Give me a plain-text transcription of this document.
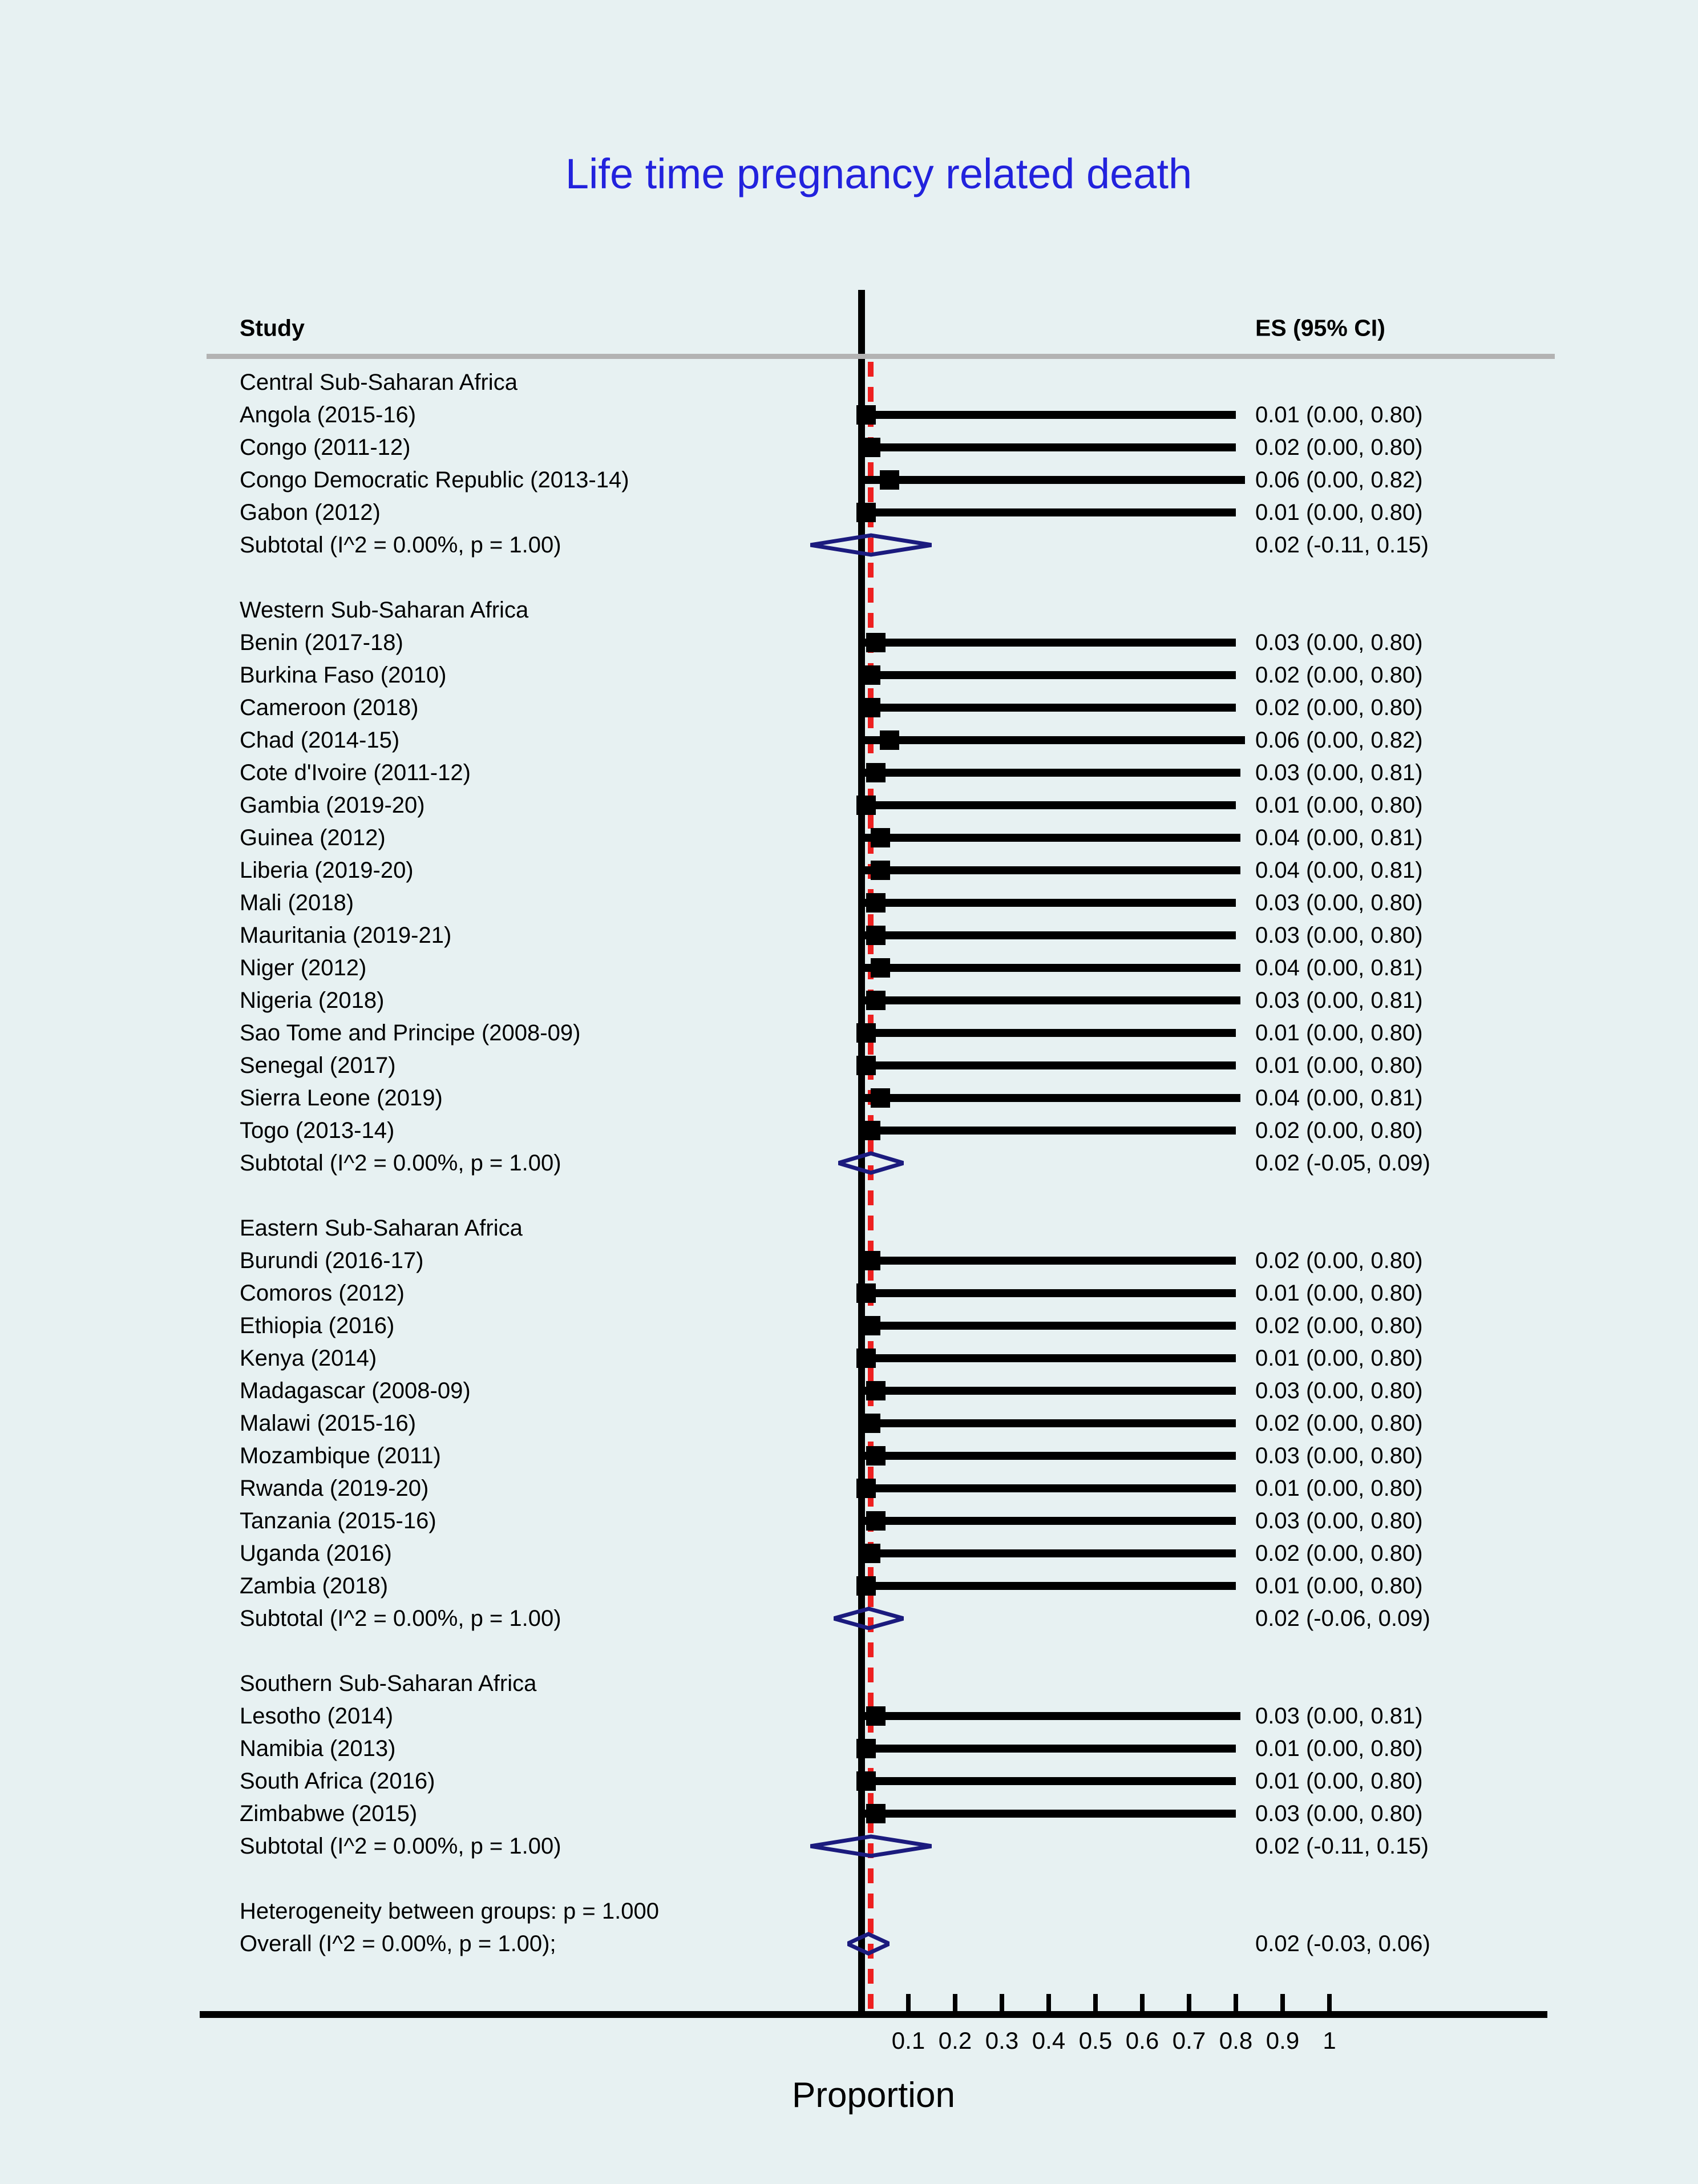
Life time pregnancy related death
Study	ES (95% CI)
Central Sub-Saharan Africa
Angola (2015-16)	0.01 (0.00, 0.80)
Congo (2011-12)	0.02 (0.00, 0.80)
Congo Democratic Republic (2013-14)	0.06 (0.00, 0.82)
Gabon (2012)	0.01 (0.00, 0.80)
Subtotal (I^2 = 0.00%, p = 1.00)	0.02 (-0.11, 0.15)
Western Sub-Saharan Africa
Benin (2017-18)	0.03 (0.00, 0.80)
Burkina Faso (2010)	0.02 (0.00, 0.80)
Cameroon (2018)	0.02 (0.00, 0.80)
Chad (2014-15)	0.06 (0.00, 0.82)
Cote d'Ivoire (2011-12)	0.03 (0.00, 0.81)
Gambia (2019-20)	0.01 (0.00, 0.80)
Guinea (2012)	0.04 (0.00, 0.81)
Liberia (2019-20)	0.04 (0.00, 0.81)
Mali (2018)	0.03 (0.00, 0.80)
Mauritania (2019-21)	0.03 (0.00, 0.80)
Niger (2012)	0.04 (0.00, 0.81)
Nigeria (2018)	0.03 (0.00, 0.81)
Sao Tome and Principe (2008-09)	0.01 (0.00, 0.80)
Senegal (2017)	0.01 (0.00, 0.80)
Sierra Leone (2019)	0.04 (0.00, 0.81)
Togo (2013-14)	0.02 (0.00, 0.80)
Subtotal (I^2 = 0.00%, p = 1.00)	0.02 (-0.05, 0.09)
Eastern Sub-Saharan Africa
Burundi (2016-17)	0.02 (0.00, 0.80)
Comoros (2012)	0.01 (0.00, 0.80)
Ethiopia (2016)	0.02 (0.00, 0.80)
Kenya (2014)	0.01 (0.00, 0.80)
Madagascar (2008-09)	0.03 (0.00, 0.80)
Malawi (2015-16)	0.02 (0.00, 0.80)
Mozambique (2011)	0.03 (0.00, 0.80)
Rwanda (2019-20)	0.01 (0.00, 0.80)
Tanzania (2015-16)	0.03 (0.00, 0.80)
Uganda (2016)	0.02 (0.00, 0.80)
Zambia (2018)	0.01 (0.00, 0.80)
Subtotal (I^2 = 0.00%, p = 1.00)	0.02 (-0.06, 0.09)
Southern Sub-Saharan Africa
Lesotho (2014)	0.03 (0.00, 0.81)
Namibia (2013)	0.01 (0.00, 0.80)
South Africa (2016)	0.01 (0.00, 0.80)
Zimbabwe (2015)	0.03 (0.00, 0.80)
Subtotal (I^2 = 0.00%, p = 1.00)	0.02 (-0.11, 0.15)
Heterogeneity between groups: p = 1.000
Overall (I^2 = 0.00%, p = 1.00);	0.02 (-0.03, 0.06)
0.1 0.2 0.3 0.4 0.5 0.6 0.7 0.8 0.9 1
Proportion
